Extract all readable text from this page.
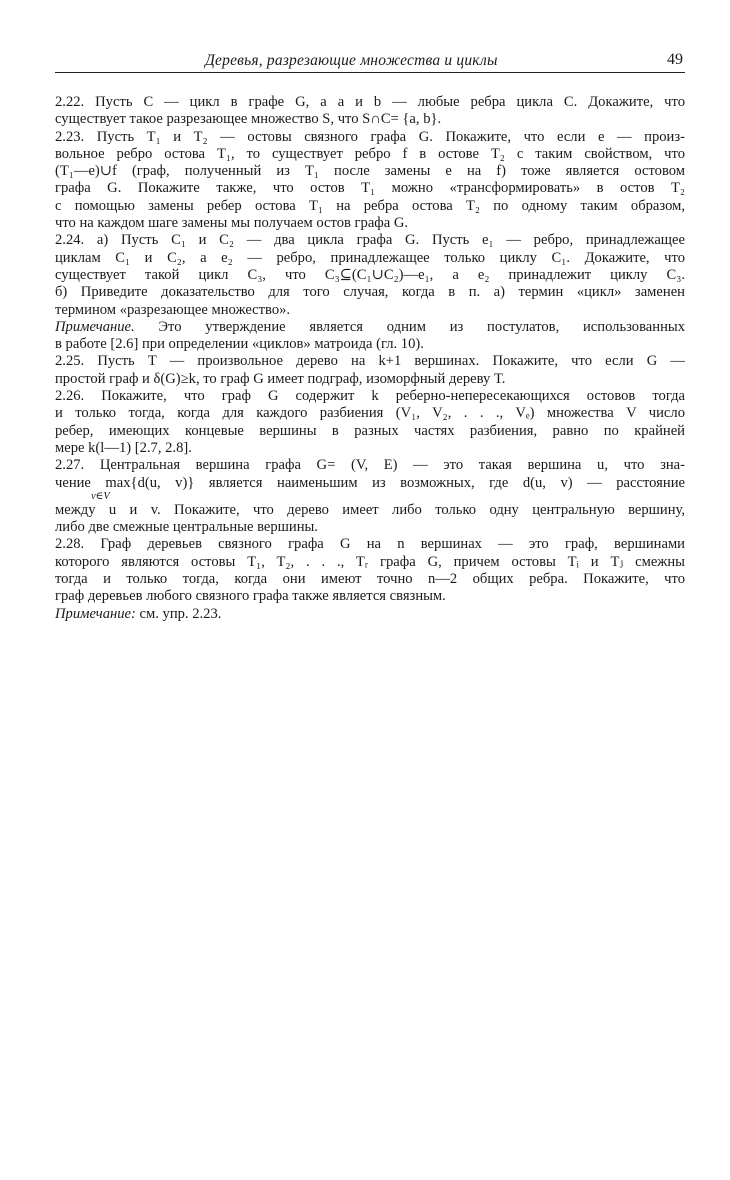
Деревья, разрезающие множества и циклы	49

2.22. Пусть C — цикл в графе G, а a и b — любые ребра цикла C. Докажите, что
существует такое разрезающее множество S, что S∩C= {a, b}.

2.23. Пусть T₁ и T₂ — остовы связного графа G. Покажите, что если e — произ-
вольное ребро остова T₁, то существует ребро f в остове T₂ с таким свойством, что
(T₁—e)∪f (граф, полученный из T₁ после замены e на f) тоже является остовом
графа G. Покажите также, что остов T₁ можно «трансформировать» в остов T₂
с помощью замены ребер остова T₁ на ребра остова T₂ по одному таким образом,
что на каждом шаге замены мы получаем остов графа G.

2.24. а) Пусть C₁ и C₂ — два цикла графа G. Пусть e₁ — ребро, принадлежащее
циклам C₁ и C₂, а e₂ — ребро, принадлежащее только циклу C₁. Докажите, что
существует такой цикл C₃, что C₃⊆(C₁∪C₂)—e₁, а e₂ принадлежит циклу C₃.
б) Приведите доказательство для того случая, когда в п. а) термин «цикл» заменен
термином «разрезающее множество».

Примечание. Это утверждение является одним из постулатов, использованных
в работе [2.6] при определении «циклов» матроида (гл. 10).

2.25. Пусть T — произвольное дерево на k+1 вершинах. Покажите, что если G —
простой граф и δ(G)≥k, то граф G имеет подграф, изоморфный дереву T.

2.26. Покажите, что граф G содержит k реберно-непересекающихся остовов тогда
и только тогда, когда для каждого разбиения (V₁, V₂, . . ., Vₑ) множества V число
ребер, имеющих концевые вершины в разных частях разбиения, равно по крайней
мере k(l—1) [2.7, 2.8].

2.27. Центральная вершина графа G= (V, E) — это такая вершина u, что зна-
чение max{d(u, v)} является наименьшим из возможных, где d(u, v) — расстояние
v∈V
между u и v. Покажите, что дерево имеет либо только одну центральную вершину,
либо две смежные центральные вершины.

2.28. Граф деревьев связного графа G на n вершинах — это граф, вершинами
которого являются остовы T₁, T₂, . . ., Tᵣ графа G, причем остовы Tᵢ и Tⱼ смежны
тогда и только тогда, когда они имеют точно n—2 общих ребра. Покажите, что
граф деревьев любого связного графа также является связным.

Примечание: см. упр. 2.23.
